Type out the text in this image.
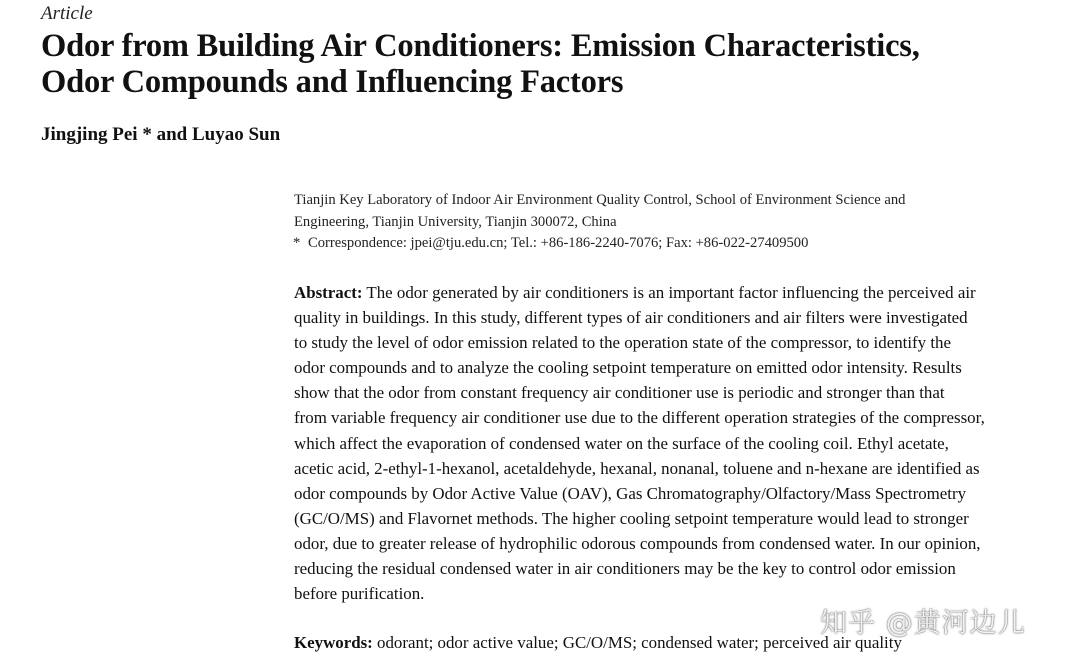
Article
Odor from Building Air Conditioners: Emission Characteristics,
Odor Compounds and Influencing Factors
Jingjing Pei * and Luyao Sun
Tianjin Key Laboratory of Indoor Air Environment Quality Control, School of Environment Science and
Engineering, Tianjin University, Tianjin 300072, China
* Correspondence: jpei@tju.edu.cn; Tel.: +86-186-2240-7076; Fax: +86-022-27409500
Abstract: The odor generated by air conditioners is an important factor influencing the perceived air
quality in buildings. In this study, different types of air conditioners and air filters were investigated
to study the level of odor emission related to the operation state of the compressor, to identify the
odor compounds and to analyze the cooling setpoint temperature on emitted odor intensity. Results
show that the odor from constant frequency air conditioner use is periodic and stronger than that
from variable frequency air conditioner use due to the different operation strategies of the compressor,
which affect the evaporation of condensed water on the surface of the cooling coil. Ethyl acetate,
acetic acid, 2-ethyl-1-hexanol, acetaldehyde, hexanal, nonanal, toluene and n-hexane are identified as
odor compounds by Odor Active Value (OAV), Gas Chromatography/Olfactory/Mass Spectrometry
(GC/O/MS) and Flavornet methods. The higher cooling setpoint temperature would lead to stronger
odor, due to greater release of hydrophilic odorous compounds from condensed water. In our opinion,
reducing the residual condensed water in air conditioners may be the key to control odor emission
before purification.
Keywords: odorant; odor active value; GC/O/MS; condensed water; perceived air quality
知乎 @黄河边儿
